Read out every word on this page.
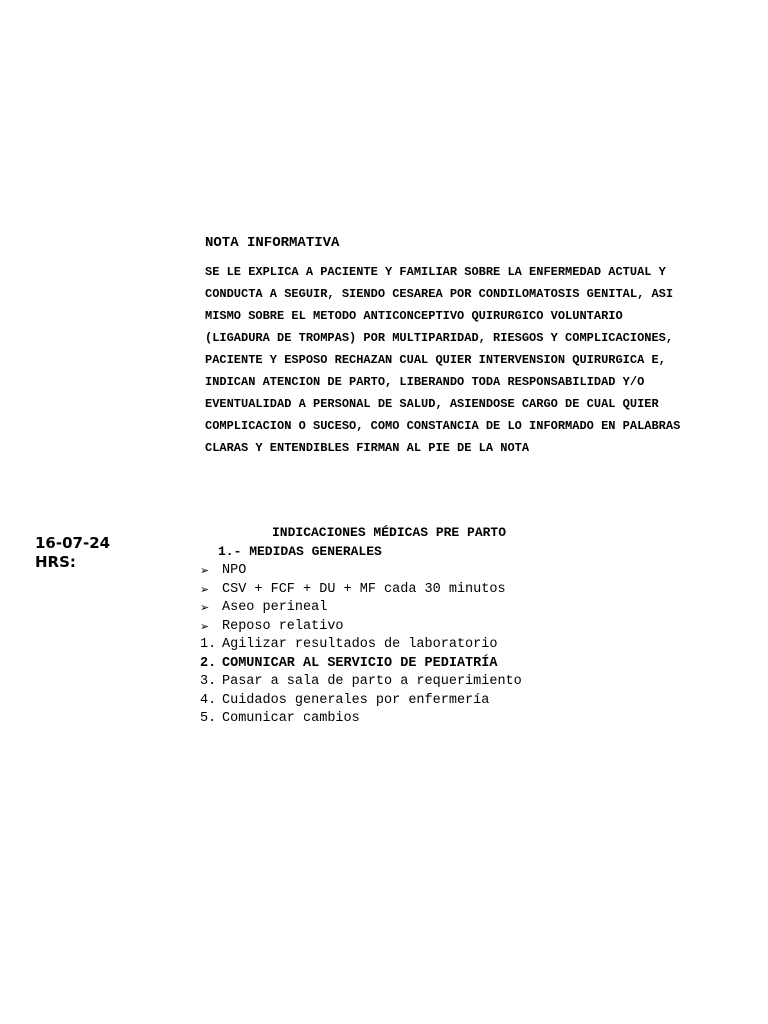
NOTA INFORMATIVA
SE LE EXPLICA A PACIENTE Y FAMILIAR SOBRE LA ENFERMEDAD ACTUAL Y
CONDUCTA A SEGUIR, SIENDO CESAREA POR CONDILOMATOSIS GENITAL, ASI
MISMO SOBRE EL METODO ANTICONCEPTIVO QUIRURGICO VOLUNTARIO
(LIGADURA DE TROMPAS) POR MULTIPARIDAD, RIESGOS Y COMPLICACIONES,
PACIENTE Y ESPOSO RECHAZAN CUAL QUIER INTERVENSION QUIRURGICA E,
INDICAN ATENCION DE PARTO, LIBERANDO TODA RESPONSABILIDAD Y/O
EVENTUALIDAD A PERSONAL DE SALUD, ASIENDOSE CARGO DE CUAL QUIER
COMPLICACION O SUCESO, COMO CONSTANCIA DE LO INFORMADO EN PALABRAS
CLARAS Y ENTENDIBLES FIRMAN AL PIE DE LA NOTA
16-07-24
HRS:
INDICACIONES MÉDICAS PRE PARTO
1.- MEDIDAS GENERALES
➢ NPO
➢ CSV + FCF + DU + MF cada 30 minutos
➢ Aseo perineal
➢ Reposo relativo
1. Agilizar resultados de laboratorio
2. COMUNICAR AL SERVICIO DE PEDIATRÍA
3. Pasar a sala de parto a requerimiento
4. Cuidados generales por enfermería
5. Comunicar cambios
